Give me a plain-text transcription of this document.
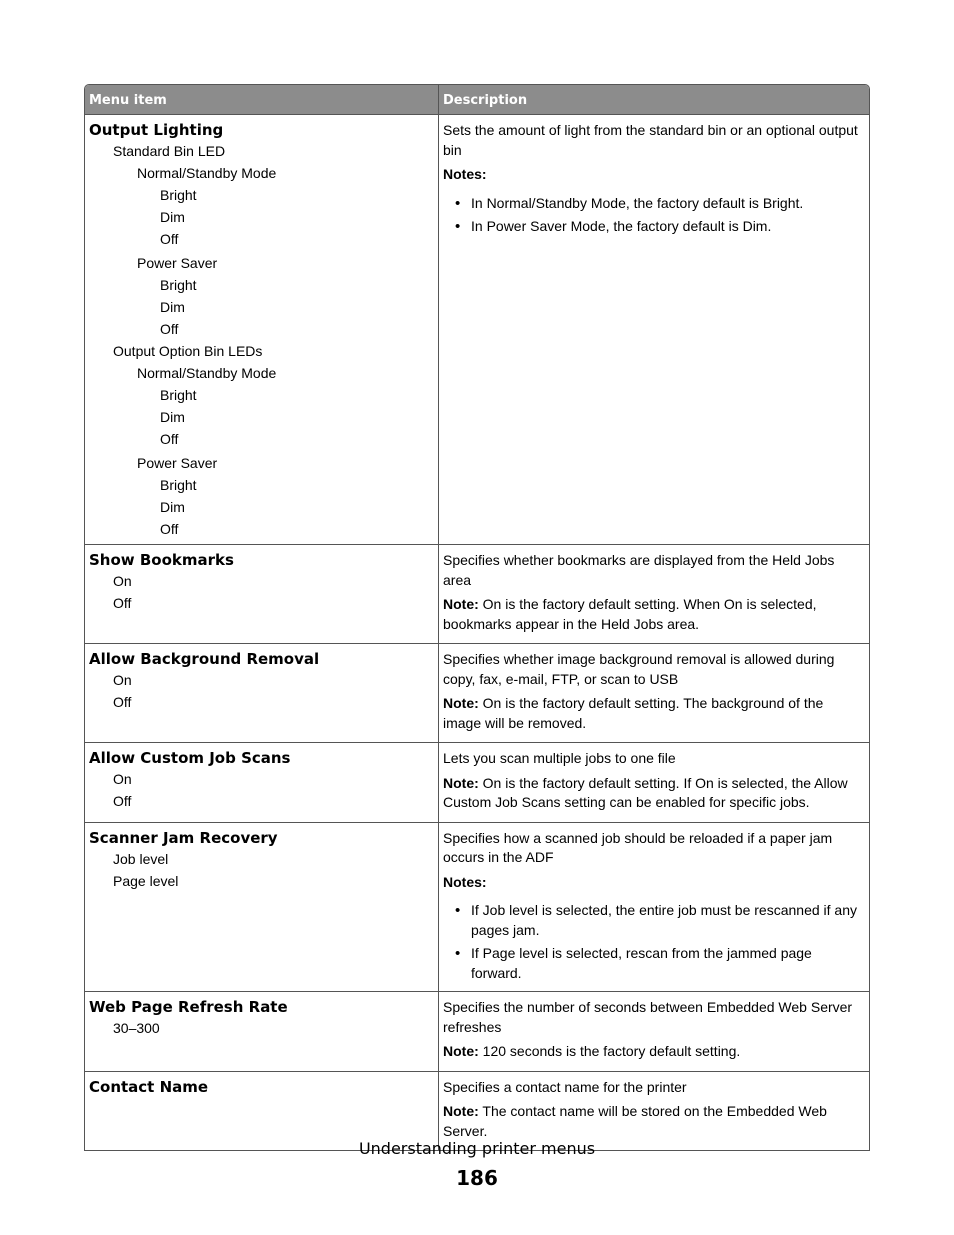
Menu item	Description
Output Lighting
Standard Bin LED
Normal/Standby Mode
Bright
Dim
Off
Power Saver
Bright
Dim
Off
Output Option Bin LEDs
Normal/Standby Mode
Bright
Dim
Off
Power Saver
Bright
Dim
Off

Sets the amount of light from the standard bin or an optional output bin

Notes:
• In Normal/Standby Mode, the factory default is Bright.
• In Power Saver Mode, the factory default is Dim.
Show Bookmarks
On
Off

Specifies whether bookmarks are displayed from the Held Jobs area

Note: On is the factory default setting. When On is selected, bookmarks appear in the Held Jobs area.

Allow Background Removal
On
Off

Specifies whether image background removal is allowed during copy, fax, e-mail, FTP, or scan to USB

Note: On is the factory default setting. The background of the image will be removed.

Allow Custom Job Scans
On
Off

Lets you scan multiple jobs to one file

Note: On is the factory default setting. If On is selected, the Allow Custom Job Scans setting can be enabled for specific jobs.

Scanner Jam Recovery
Job level
Page level

Specifies how a scanned job should be reloaded if a paper jam occurs in the ADF

Notes:
• If Job level is selected, the entire job must be rescanned if any pages jam.
• If Page level is selected, rescan from the jammed page forward.
Web Page Refresh Rate
30–300

Specifies the number of seconds between Embedded Web Server refreshes

Note: 120 seconds is the factory default setting.

Contact Name	Specifies a contact name for the printer

Note: The contact name will be stored on the Embedded Web Server.

Understanding printer menus
186
